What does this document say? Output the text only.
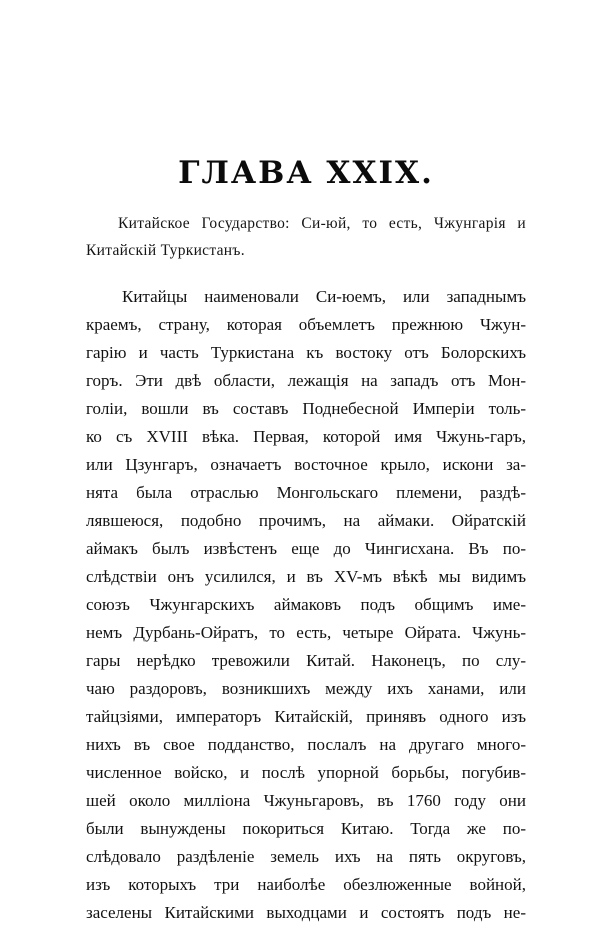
ГЛАВА XXIX.
Китайское Государство: Си-юй, то есть, Чжунгарія и Китайскій Туркистанъ.
Китайцы наименовали Си-юемъ, или западнымъ
краемъ, страну, которая объемлетъ прежнюю Чжун-
гарію и часть Туркистана къ востоку отъ Болорскихъ
горъ. Эти двѣ области, лежащія на западъ отъ Мон-
голіи, вошли въ составъ Поднебесной Имперіи толь-
ко съ XVIII вѣка. Первая, которой имя Чжунь-гаръ,
или Цзунгаръ, означаетъ восточное крыло, искони за-
нята была отраслью Монгольскаго племени, раздѣ-
лявшеюся, подобно прочимъ, на аймаки. Ойратскій
аймакъ былъ извѣстенъ еще до Чингисхана. Въ по-
слѣдствіи онъ усилился, и въ XV-мъ вѣкѣ мы видимъ
союзъ Чжунгарскихъ аймаковъ подъ общимъ име-
немъ Дурбань-Ойратъ, то есть, четыре Ойрата. Чжунь-
гары нерѣдко тревожили Китай. Наконецъ, по слу-
чаю раздоровъ, возникшихъ между ихъ ханами, или
тайцзіями, императоръ Китайскій, принявъ одного изъ
нихъ въ свое подданство, послалъ на другаго много-
численное войско, и послѣ упорной борьбы, погубив-
шей около милліона Чжуньгаровъ, въ 1760 году они
были вынуждены покориться Китаю. Тогда же по-
слѣдовало раздѣленіе земель ихъ на пять округовъ,
изъ которыхъ три наиболѣе обезлюженные войной,
заселены Китайскими выходцами и состоятъ подъ не-
